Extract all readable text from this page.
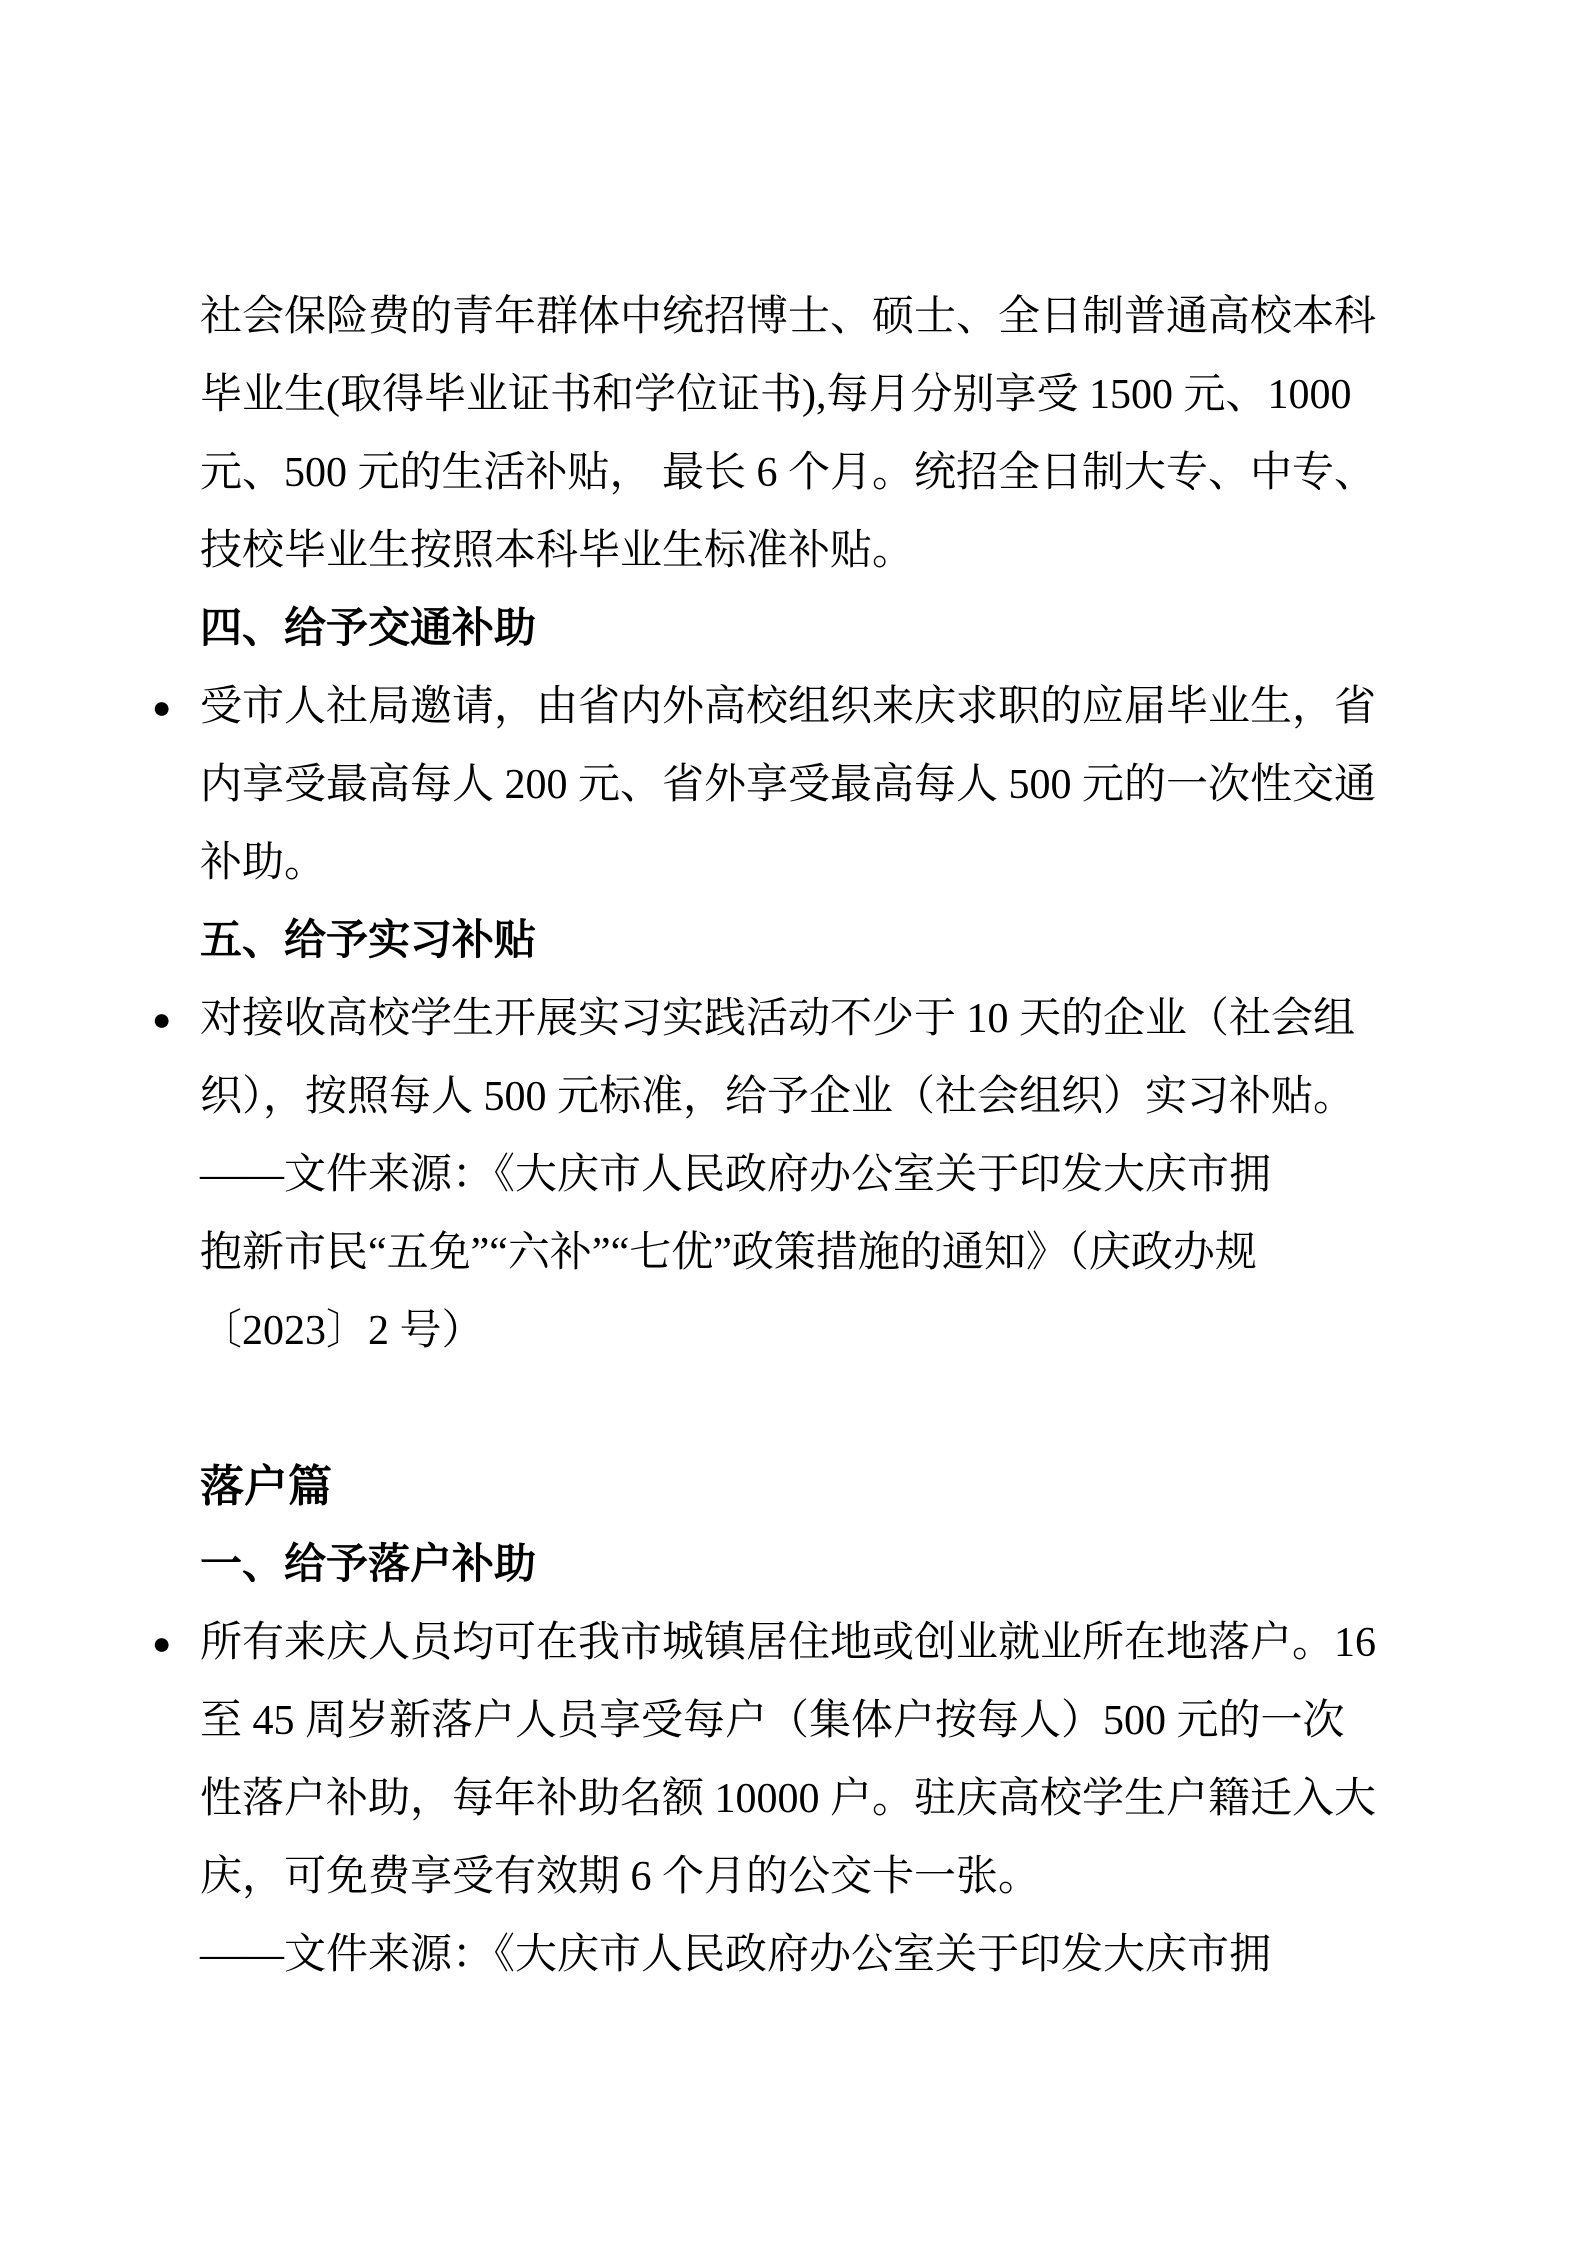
社会保险费的青年群体中统招博士、硕士、全日制普通高校本科
毕业生(取得毕业证书和学位证书),每月分别享受 1500 元、1000
元、500 元的生活补贴， 最长 6 个月。统招全日制大专、中专、
技校毕业生按照本科毕业生标准补贴。
四、给予交通补助
● 受市人社局邀请，由省内外高校组织来庆求职的应届毕业生，省
内享受最高每人 200 元、省外享受最高每人 500 元的一次性交通
补助。
五、给予实习补贴
● 对接收高校学生开展实习实践活动不少于 10 天的企业（社会组
织），按照每人 500 元标准，给予企业（社会组织）实习补贴。
——文件来源：《大庆市人民政府办公室关于印发大庆市拥
抱新市民“五免”“六补”“七优”政策措施的通知》（庆政办规
〔2023〕2 号）
落户篇
一、给予落户补助
● 所有来庆人员均可在我市城镇居住地或创业就业所在地落户。16
至 45 周岁新落户人员享受每户（集体户按每人）500 元的一次
性落户补助，每年补助名额 10000 户。驻庆高校学生户籍迁入大
庆，可免费享受有效期 6 个月的公交卡一张。
——文件来源：《大庆市人民政府办公室关于印发大庆市拥
